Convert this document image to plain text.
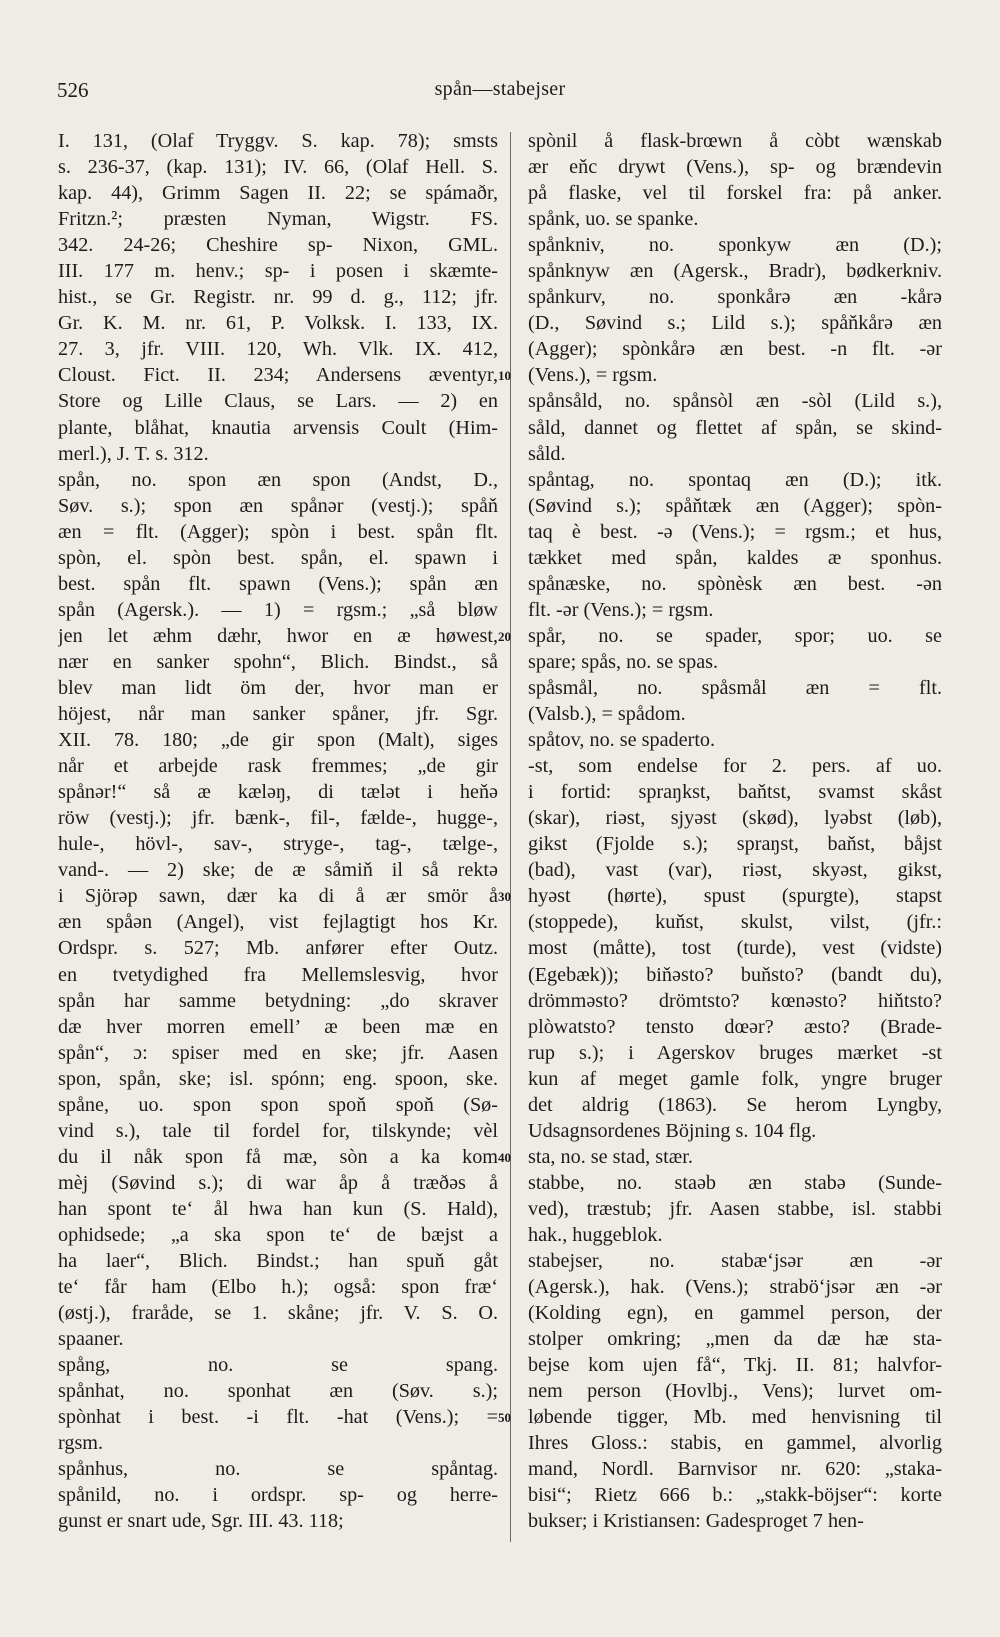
526	spån—stabejser
I. 131, (Olaf Tryggv. S. kap. 78); smsts
s. 236-37, (kap. 131); IV. 66, (Olaf Hell. S.
kap. 44), Grimm Sagen II. 22; se spámaðr,
Fritzn.²; præsten Nyman, Wigstr. FS.
342. 24-26; Cheshire sp- Nixon, GML.
III. 177 m. henv.; sp- i posen i skæmte-
hist., se Gr. Registr. nr. 99 d. g., 112; jfr.
Gr. K. M. nr. 61, P. Volksk. I. 133, IX.
27. 3, jfr. VIII. 120, Wh. Vlk. IX. 412,
Cloust. Fict. II. 234; Andersens æventyr,
Store og Lille Claus, se Lars. — 2) en
plante, blåhat, knautia arvensis Coult (Him-
merl.), J. T. s. 312.
spån, no. spon æn spon (Andst, D.,
Søv. s.); spon æn spånər (vestj.); spåň
æn = flt. (Agger); spòn i best. spån flt.
spòn, el. spòn best. spån, el. spawn i
best. spån flt. spawn (Vens.); spån æn
spån (Agersk.). — 1) = rgsm.; „så bløw
jen let æhm dæhr, hwor en æ høwest,
nær en sanker spohn“, Blich. Bindst., så
blev man lidt öm der, hvor man er
höjest, når man sanker spåner, jfr. Sgr.
XII. 78. 180; „de gir spon (Malt), siges
når et arbejde rask fremmes; „de gir
spånər!“ så æ kæləŋ, di tælət i heňə
röw (vestj.); jfr. bænk-, fil-, fælde-, hugge-,
hule-, hövl-, sav-, stryge-, tag-, tælge-,
vand-. — 2) ske; de æ såmiň il så rektə
i Sjörəp sawn, dær ka di å ær smör å
æn spåən (Angel), vist fejlagtigt hos Kr.
Ordspr. s. 527; Mb. anfører efter Outz.
en tvetydighed fra Mellemslesvig, hvor
spån har samme betydning: „do skraver
dæ hver morren emell’ æ been mæ en
spån“, ɔ: spiser med en ske; jfr. Aasen
spon, spån, ske; isl. spónn; eng. spoon, ske.
spåne, uo. spon spon spoň spoň (Sø-
vind s.), tale til fordel for, tilskynde; vèl
du il nåk spon få mæ, sòn a ka kom
mèj (Søvind s.); di war åp å træðəs å
han spont te‘ ål hwa han kun (S. Hald),
ophidsede; „a ska spon te‘ de bæjst a
ha laer“, Blich. Bindst.; han spuň gåt
te‘ får ham (Elbo h.); også: spon fræ‘
(østj.), fraråde, se 1. skåne; jfr. V. S. O.
spaaner.
spång, no. se spang.
spånhat, no. sponhat æn (Søv. s.);
spònhat i best. -i flt. -hat (Vens.); =
rgsm.
spånhus, no. se spåntag.
spånild, no. i ordspr. sp- og herre-
gunst er snart ude, Sgr. III. 43. 118;
spònil å flask-brœwn å còbt wænskab
ær eňc drywt (Vens.), sp- og brændevin
på flaske, vel til forskel fra: på anker.
spånk, uo. se spanke.
spånkniv, no. sponkyw æn (D.);
spånknyw æn (Agersk., Bradr), bødkerkniv.
spånkurv, no. sponkårə æn -kårə
(D., Søvind s.; Lild s.); spåňkårə æn
(Agger); spònkårə æn best. -n flt. -ər
(Vens.), = rgsm.
spånsåld, no. spånsòl æn -sòl (Lild s.),
såld, dannet og flettet af spån, se skind-
såld.
spåntag, no. spontaq æn (D.); itk.
(Søvind s.); spåňtæk æn (Agger); spòn-
taq è best. -ə (Vens.); = rgsm.; et hus,
tækket med spån, kaldes æ sponhus.
spånæske, no. spònèsk æn best. -ən
flt. -ər (Vens.); = rgsm.
spår, no. se spader, spor; uo. se
spare; spås, no. se spas.
spåsmål, no. spåsmål æn = flt.
(Valsb.), = spådom.
spåtov, no. se spaderto.
-st, som endelse for 2. pers. af uo.
i fortid: spraŋkst, baňtst, svamst skåst
(skar), riəst, sjyəst (skød), lyəbst (løb),
gikst (Fjolde s.); spraŋst, baňst, båjst
(bad), vast (var), riəst, skyəst, gikst,
hyəst (hørte), spust (spurgte), stapst
(stoppede), kuňst, skulst, vilst, (jfr.:
most (måtte), tost (turde), vest (vidste)
(Egebæk)); biňəsto? buňsto? (bandt du),
drömməsto? drömtsto? kœnəsto? hiňtsto?
plòwatsto? tensto dœər? æsto? (Brade-
rup s.); i Agerskov bruges mærket -st
kun af meget gamle folk, yngre bruger
det aldrig (1863). Se herom Lyngby,
Udsagnsordenes Böjning s. 104 flg.
sta, no. se stad, stær.
stabbe, no. staəb æn stabə (Sunde-
ved), træstub; jfr. Aasen stabbe, isl. stabbi
hak., huggeblok.
stabejser, no. stabæ‘jsər æn -ər
(Agersk.), hak. (Vens.); strabö‘jsər æn -ər
(Kolding egn), en gammel person, der
stolper omkring; „men da dæ hæ sta-
bejse kom ujen få“, Tkj. II. 81; halvfor-
nem person (Hovlbj., Vens); lurvet om-
løbende tigger, Mb. med henvisning til
Ihres Gloss.: stabis, en gammel, alvorlig
mand, Nordl. Barnvisor nr. 620: „staka-
bisi“; Rietz 666 b.: „stakk-böjser“: korte
bukser; i Kristiansen: Gadesproget 7 hen-
10
20
30
40
50
